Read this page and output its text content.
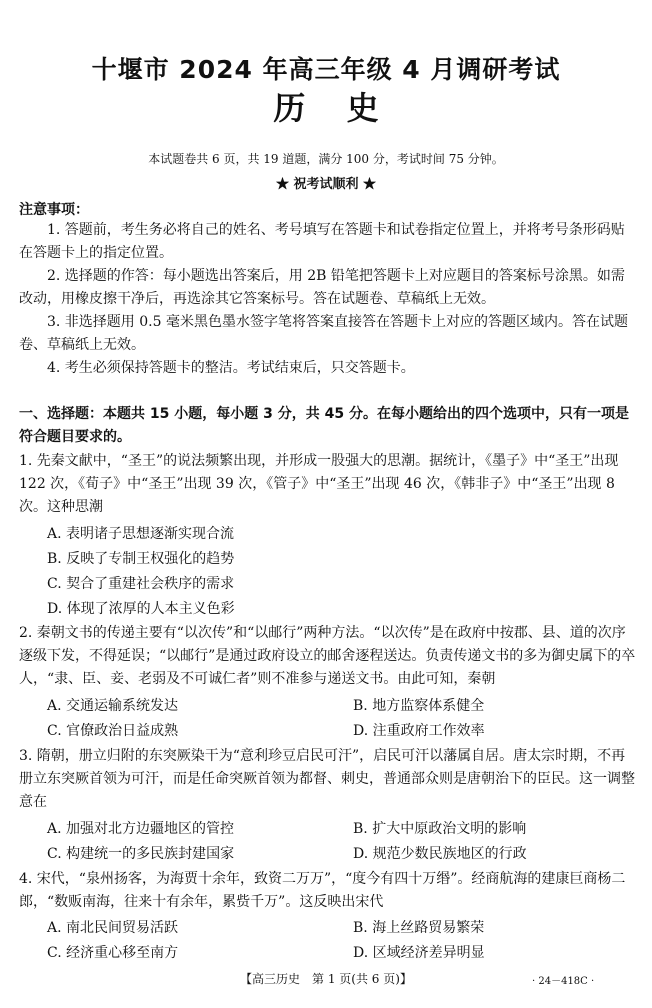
十堰市 2024 年高三年级 4 月调研考试
历 史
本试题卷共 6 页，共 19 道题，满分 100 分，考试时间 75 分钟。
★ 祝考试顺利 ★
注意事项：
1. 答题前，考生务必将自己的姓名、考号填写在答题卡和试卷指定位置上，并将考号条形码贴在答题卡上的指定位置。
2. 选择题的作答：每小题选出答案后，用 2B 铅笔把答题卡上对应题目的答案标号涂黑。如需改动，用橡皮擦干净后，再选涂其它答案标号。答在试题卷、草稿纸上无效。
3. 非选择题用 0.5 毫米黑色墨水签字笔将答案直接答在答题卡上对应的答题区域内。答在试题卷、草稿纸上无效。
4. 考生必须保持答题卡的整洁。考试结束后，只交答题卡。
一、选择题：本题共 15 小题，每小题 3 分，共 45 分。在每小题给出的四个选项中，只有一项是符合题目要求的。
1. 先秦文献中，“圣王”的说法频繁出现，并形成一股强大的思潮。据统计，《墨子》中“圣王”出现 122 次，《荀子》中“圣王”出现 39 次，《管子》中“圣王”出现 46 次，《韩非子》中“圣王”出现 8 次。这种思潮
A. 表明诸子思想逐渐实现合流
B. 反映了专制王权强化的趋势
C. 契合了重建社会秩序的需求
D. 体现了浓厚的人本主义色彩
2. 秦朝文书的传递主要有“以次传”和“以邮行”两种方法。“以次传”是在政府中按郡、县、道的次序逐级下发，不得延误；“以邮行”是通过政府设立的邮舍逐程送达。负责传递文书的多为御史属下的卒人，“隶、臣、妾、老弱及不可诚仁者”则不准参与递送文书。由此可知，秦朝
A. 交通运输系统发达	B. 地方监察体系健全
C. 官僚政治日益成熟	D. 注重政府工作效率
3. 隋朝，册立归附的东突厥染干为“意利珍豆启民可汗”，启民可汗以藩属自居。唐太宗时期，不再册立东突厥首领为可汗，而是任命突厥首领为都督、刺史，普通部众则是唐朝治下的臣民。这一调整意在
A. 加强对北方边疆地区的管控	B. 扩大中原政治文明的影响
C. 构建统一的多民族封建国家	D. 规范少数民族地区的行政
4. 宋代，“泉州扬客，为海贾十余年，致资二万万”，“度今有四十万缗”。经商航海的建康巨商杨二郎，“数贩南海，往来十有余年，累赀千万”。这反映出宋代
A. 南北民间贸易活跃	B. 海上丝路贸易繁荣
C. 经济重心移至南方	D. 区域经济差异明显
【高三历史　第 1 页(共 6 页)】	· 24－418C ·
